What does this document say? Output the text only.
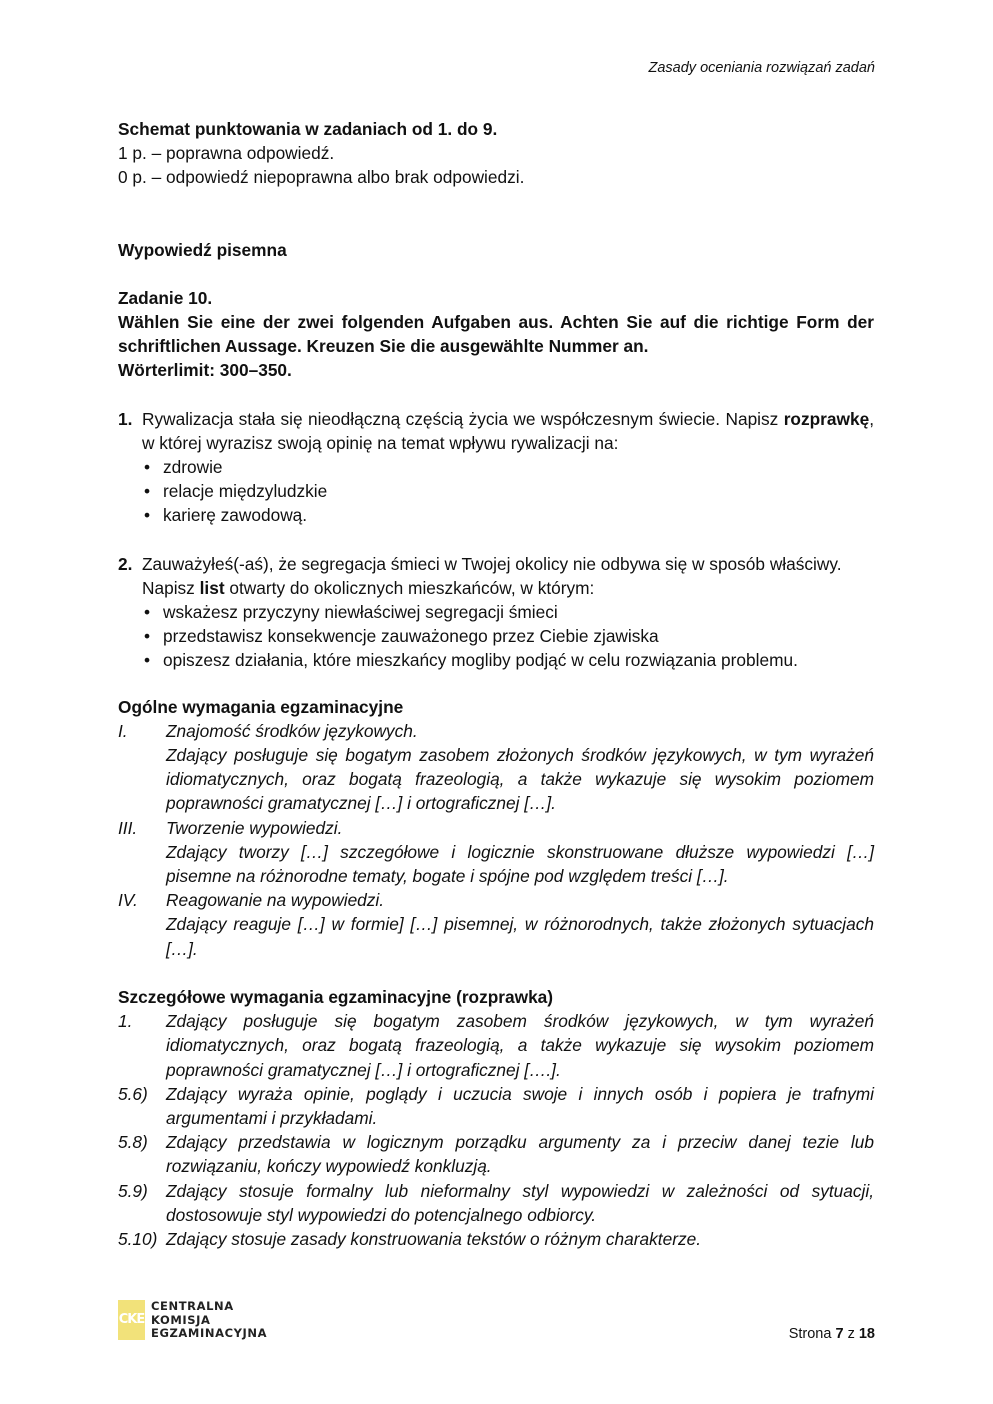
Zasady oceniania rozwiązań zadań

Schemat punktowania w zadaniach od 1. do 9.

1 p. – poprawna odpowiedź.

0 p. – odpowiedź niepoprawna albo brak odpowiedzi.

Wypowiedź pisemna

Zadanie 10.

Wählen Sie eine der zwei folgenden Aufgaben aus. Achten Sie auf die richtige Form der schriftlichen Aussage. Kreuzen Sie die ausgewählte Nummer an.

Wörterlimit: 300–350.

1. Rywalizacja stała się nieodłączną częścią życia we współczesnym świecie. Napisz rozprawkę, w której wyrazisz swoją opinię na temat wpływu rywalizacji na:

• zdrowie
• relacje międzyludzkie
• karierę zawodową.
2. Zauważyłeś(-aś), że segregacja śmieci w Twojej okolicy nie odbywa się w sposób właściwy.

Napisz list otwarty do okolicznych mieszkańców, w którym:

• wskażesz przyczyny niewłaściwej segregacji śmieci
• przedstawisz konsekwencje zauważonego przez Ciebie zjawiska
• opiszesz działania, które mieszkańcy mogliby podjąć w celu rozwiązania problemu.

Ogólne wymagania egzaminacyjne

I.	Znajomość środków językowych.

Zdający posługuje się bogatym zasobem złożonych środków językowych, w tym wyrażeń idiomatycznych, oraz bogatą frazeologią, a także wykazuje się wysokim poziomem poprawności gramatycznej […] i ortograficznej […].

III.	Tworzenie wypowiedzi.

Zdający tworzy […] szczegółowe i logicznie skonstruowane dłuższe wypowiedzi […] pisemne na różnorodne tematy, bogate i spójne pod względem treści […].

IV.	Reagowanie na wypowiedzi.

Zdający reaguje […] w formie] […] pisemnej, w różnorodnych, także złożonych sytuacjach […].

Szczegółowe wymagania egzaminacyjne (rozprawka)

1.	Zdający posługuje się bogatym zasobem środków językowych, w tym wyrażeń idiomatycznych, oraz bogatą frazeologią, a także wykazuje się wysokim poziomem poprawności gramatycznej […] i ortograficznej [….].
5.6)	Zdający wyraża opinie, poglądy i uczucia swoje i innych osób i popiera je trafnymi argumentami i przykładami.
5.8)	Zdający przedstawia w logicznym porządku argumenty za i przeciw danej tezie lub rozwiązaniu, kończy wypowiedź konkluzją.
5.9)	Zdający stosuje formalny lub nieformalny styl wypowiedzi w zależności od sytuacji, dostosowuje styl wypowiedzi do potencjalnego odbiorcy.
5.10) Zdający stosuje zasady konstruowania tekstów o różnym charakterze.
CKE
CENTRALNA
KOMISJA
EGZAMINACYJNA	Strona 7 z 18
